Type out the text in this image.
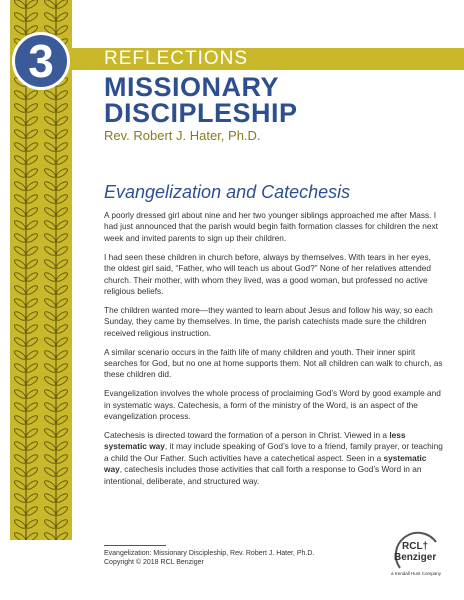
3	REFLECTIONS
MISSIONARY
DISCIPLESHIP
Rev. Robert J. Hater, Ph.D.
Evangelization and Catechesis

A poorly dressed girl about nine and her two younger siblings approached me after Mass. I had just announced that the parish would begin faith formation classes for children the next week and invited parents to sign up their children.

I had seen these children in church before, always by themselves. With tears in her eyes, the oldest girl said, “Father, who will teach us about God?” None of her relatives attended church. Their mother, with whom they lived, was a good woman, but professed no active religious beliefs.

The children wanted more—they wanted to learn about Jesus and follow his way, so each Sunday, they came by themselves. In time, the parish catechists made sure the children received religious instruction.

A similar scenario occurs in the faith life of many children and youth. Their inner spirit searches for God, but no one at home supports them. Not all children can walk to church, as these children did.

Evangelization involves the whole process of proclaiming God’s Word by good example and in systematic ways. Catechesis, a form of the ministry of the Word, is an aspect of the evangelization process.

Catechesis is directed toward the formation of a person in Christ. Viewed in a less systematic way, it may include speaking of God’s love to a friend, family prayer, or teaching a child the Our Father. Such activities have a catechetical aspect. Seen in a systematic way, catechesis includes those activities that call forth a response to God’s Word in an intentional, deliberate, and structured way.

Evangelization: Missionary Discipleship, Rev. Robert J. Hater, Ph.D.
Copyright © 2018 RCL Benziger
RCL†
Benziger
a Kendall Hunt Company
